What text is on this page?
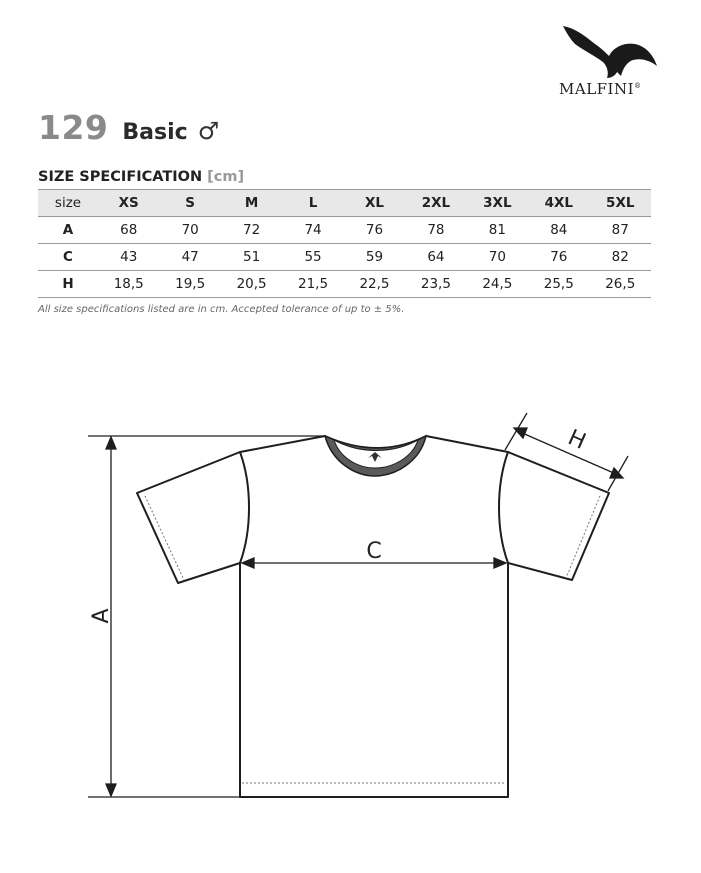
MALFINI®
129 Basic ♂
SIZE SPECIFICATION [cm]
size	XS	S	M	L	XL	2XL	3XL	4XL	5XL
A	68	70	72	74	76	78	81	84	87
C	43	47	51	55	59	64	70	76	82
H	18,5	19,5	20,5	21,5	22,5	23,5	24,5	25,5	26,5
All size specifications listed are in cm. Accepted tolerance of up to ± 5%.
A
C
H
